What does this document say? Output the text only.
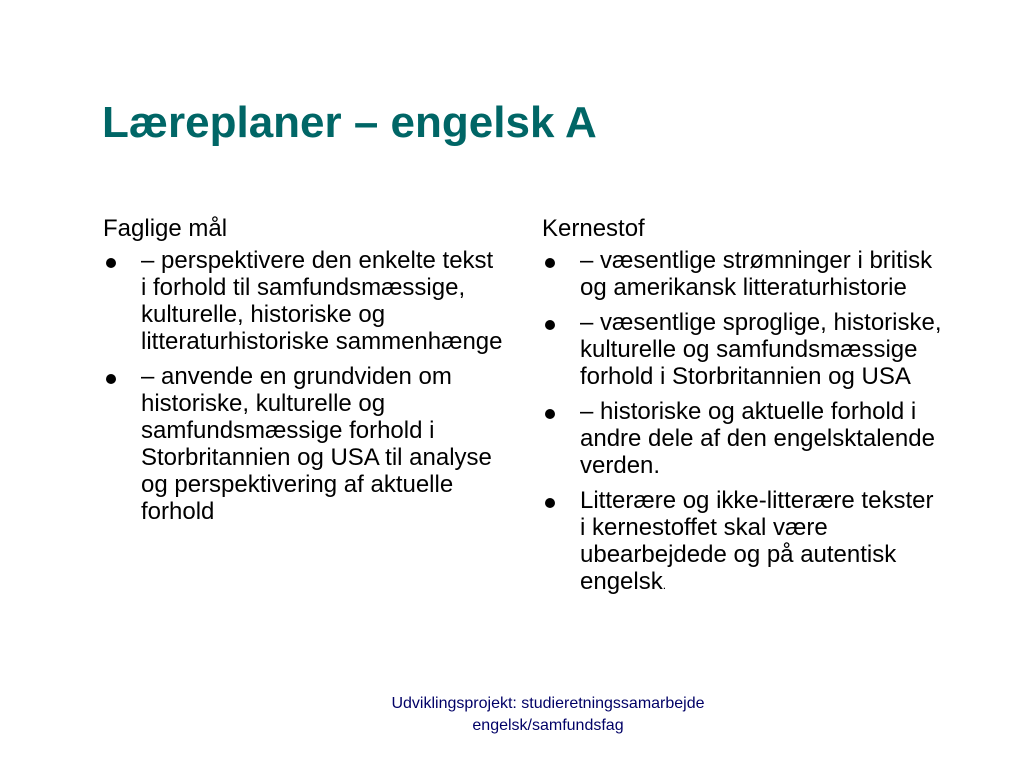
Læreplaner – engelsk A
Faglige mål
– perspektivere den enkelte tekst i forhold til samfundsmæssige, kulturelle, historiske og litteraturhistoriske sammenhænge
– anvende en grundviden om historiske, kulturelle og samfundsmæssige forhold i Storbritannien og USA til analyse og perspektivering af aktuelle forhold
Kernestof
– væsentlige strømninger i britisk og amerikansk litteraturhistorie
– væsentlige sproglige, historiske, kulturelle og samfundsmæssige forhold i Storbritannien og USA
– historiske og aktuelle forhold i andre dele af den engelsktalende verden.
Litterære og ikke-litterære tekster i kernestoffet skal være ubearbejdede og på autentisk engelsk.
Udviklingsprojekt: studieretningssamarbejde
engelsk/samfundsfag
